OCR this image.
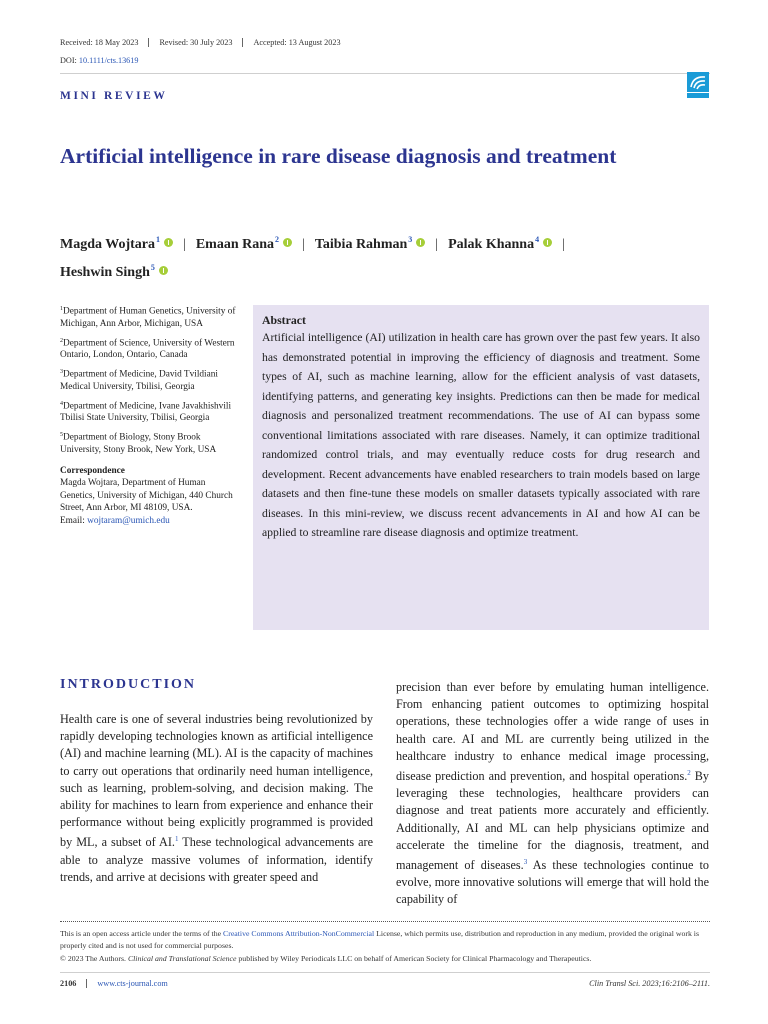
Received: 18 May 2023	Revised: 30 July 2023	Accepted: 13 August 2023
DOI: 10.1111/cts.13619
MINI REVIEW
Artificial intelligence in rare disease diagnosis and treatment
Magda Wojtara$^1$ | Emaan Rana$^2$ | Taibia Rahman$^3$ | Palak Khanna$^4$ |
Heshwin Singh$^5$
$^1$Department of Human Genetics, University of Michigan, Ann Arbor, Michigan, USA
$^2$Department of Science, University of Western Ontario, London, Ontario, Canada
$^3$Department of Medicine, David Tvildiani Medical University, Tbilisi, Georgia
$^4$Department of Medicine, Ivane Javakhishvili Tbilisi State University, Tbilisi, Georgia
$^5$Department of Biology, Stony Brook University, Stony Brook, New York, USA
Correspondence
Magda Wojtara, Department of Human Genetics, University of Michigan, 440 Church Street, Ann Arbor, MI 48109, USA.
Email: wojtaram@umich.edu
Abstract
Artificial intelligence (AI) utilization in health care has grown over the past few years. It also has demonstrated potential in improving the efficiency of diagnosis and treatment. Some types of AI, such as machine learning, allow for the efficient analysis of vast datasets, identifying patterns, and generating key insights. Predictions can then be made for medical diagnosis and personalized treatment recommendations. The use of AI can bypass some conventional limitations associated with rare diseases. Namely, it can optimize traditional randomized control trials, and may eventually reduce costs for drug research and development. Recent advancements have enabled researchers to train models based on large datasets and then fine-tune these models on smaller datasets typically associated with rare diseases. In this mini-review, we discuss recent advancements in AI and how AI can be applied to streamline rare disease diagnosis and optimize treatment.
INTRODUCTION
Health care is one of several industries being revolutionized by rapidly developing technologies known as artificial intelligence (AI) and machine learning (ML). AI is the capacity of machines to carry out operations that ordinarily need human intelligence, such as learning, problem-solving, and decision making. The ability for machines to learn from experience and enhance their performance without being explicitly programmed is provided by ML, a subset of AI.$^1$ These technological advancements are able to analyze massive volumes of information, identify trends, and arrive at decisions with greater speed and
precision than ever before by emulating human intelligence. From enhancing patient outcomes to optimizing hospital operations, these technologies offer a wide range of uses in health care. AI and ML are currently being utilized in the healthcare industry to enhance medical image processing, disease prediction and prevention, and hospital operations.$^2$ By leveraging these technologies, healthcare providers can diagnose and treat patients more accurately and efficiently. Additionally, AI and ML can help physicians optimize and accelerate the timeline for the diagnosis, treatment, and management of diseases.$^3$ As these technologies continue to evolve, more innovative solutions will emerge that will hold the capability of
This is an open access article under the terms of the Creative Commons Attribution-NonCommercial License, which permits use, distribution and reproduction in any medium, provided the original work is properly cited and is not used for commercial purposes.
© 2023 The Authors. Clinical and Translational Science published by Wiley Periodicals LLC on behalf of American Society for Clinical Pharmacology and Therapeutics.
2106	www.cts-journal.com	Clin Transl Sci. 2023;16:2106–2111.
